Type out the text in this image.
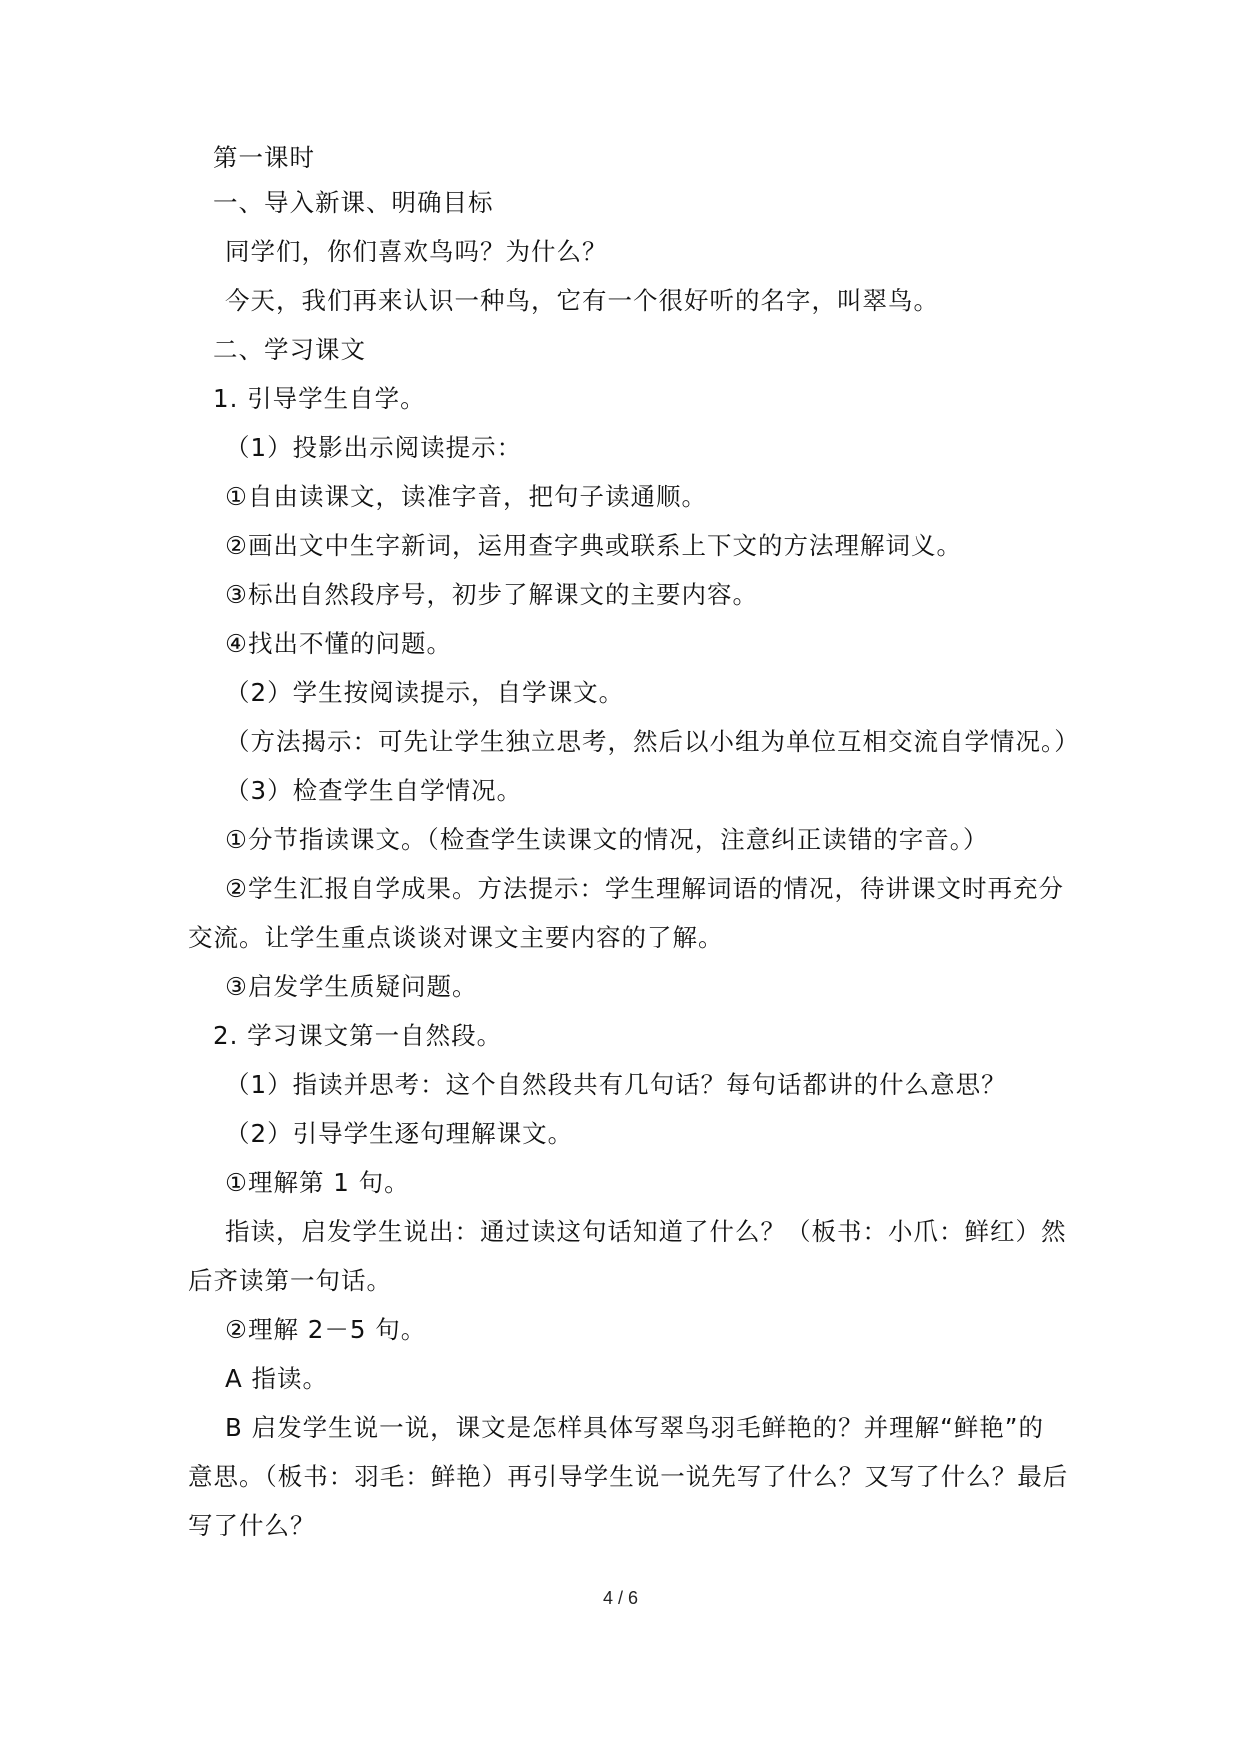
第一课时
一、导入新课、明确目标
同学们，你们喜欢鸟吗？为什么？
今天，我们再来认识一种鸟，它有一个很好听的名字，叫翠鸟。
二、学习课文
1. 引导学生自学。
（1）投影出示阅读提示：
①自由读课文，读准字音，把句子读通顺。
②画出文中生字新词，运用查字典或联系上下文的方法理解词义。
③标出自然段序号，初步了解课文的主要内容。
④找出不懂的问题。
（2）学生按阅读提示，自学课文。
（方法揭示：可先让学生独立思考，然后以小组为单位互相交流自学情况。）
（3）检查学生自学情况。
①分节指读课文。（检查学生读课文的情况，注意纠正读错的字音。）
②学生汇报自学成果。方法提示：学生理解词语的情况，待讲课文时再充分
交流。让学生重点谈谈对课文主要内容的了解。
③启发学生质疑问题。
2. 学习课文第一自然段。
（1）指读并思考：这个自然段共有几句话？每句话都讲的什么意思？
（2）引导学生逐句理解课文。
①理解第 1 句。
指读，启发学生说出：通过读这句话知道了什么？（板书：小爪：鲜红）然
后齐读第一句话。
②理解 2－5 句。
A 指读。
B 启发学生说一说，课文是怎样具体写翠鸟羽毛鲜艳的？并理解“鲜艳”的
意思。（板书：羽毛：鲜艳）再引导学生说一说先写了什么？又写了什么？最后
写了什么？
4 / 6
